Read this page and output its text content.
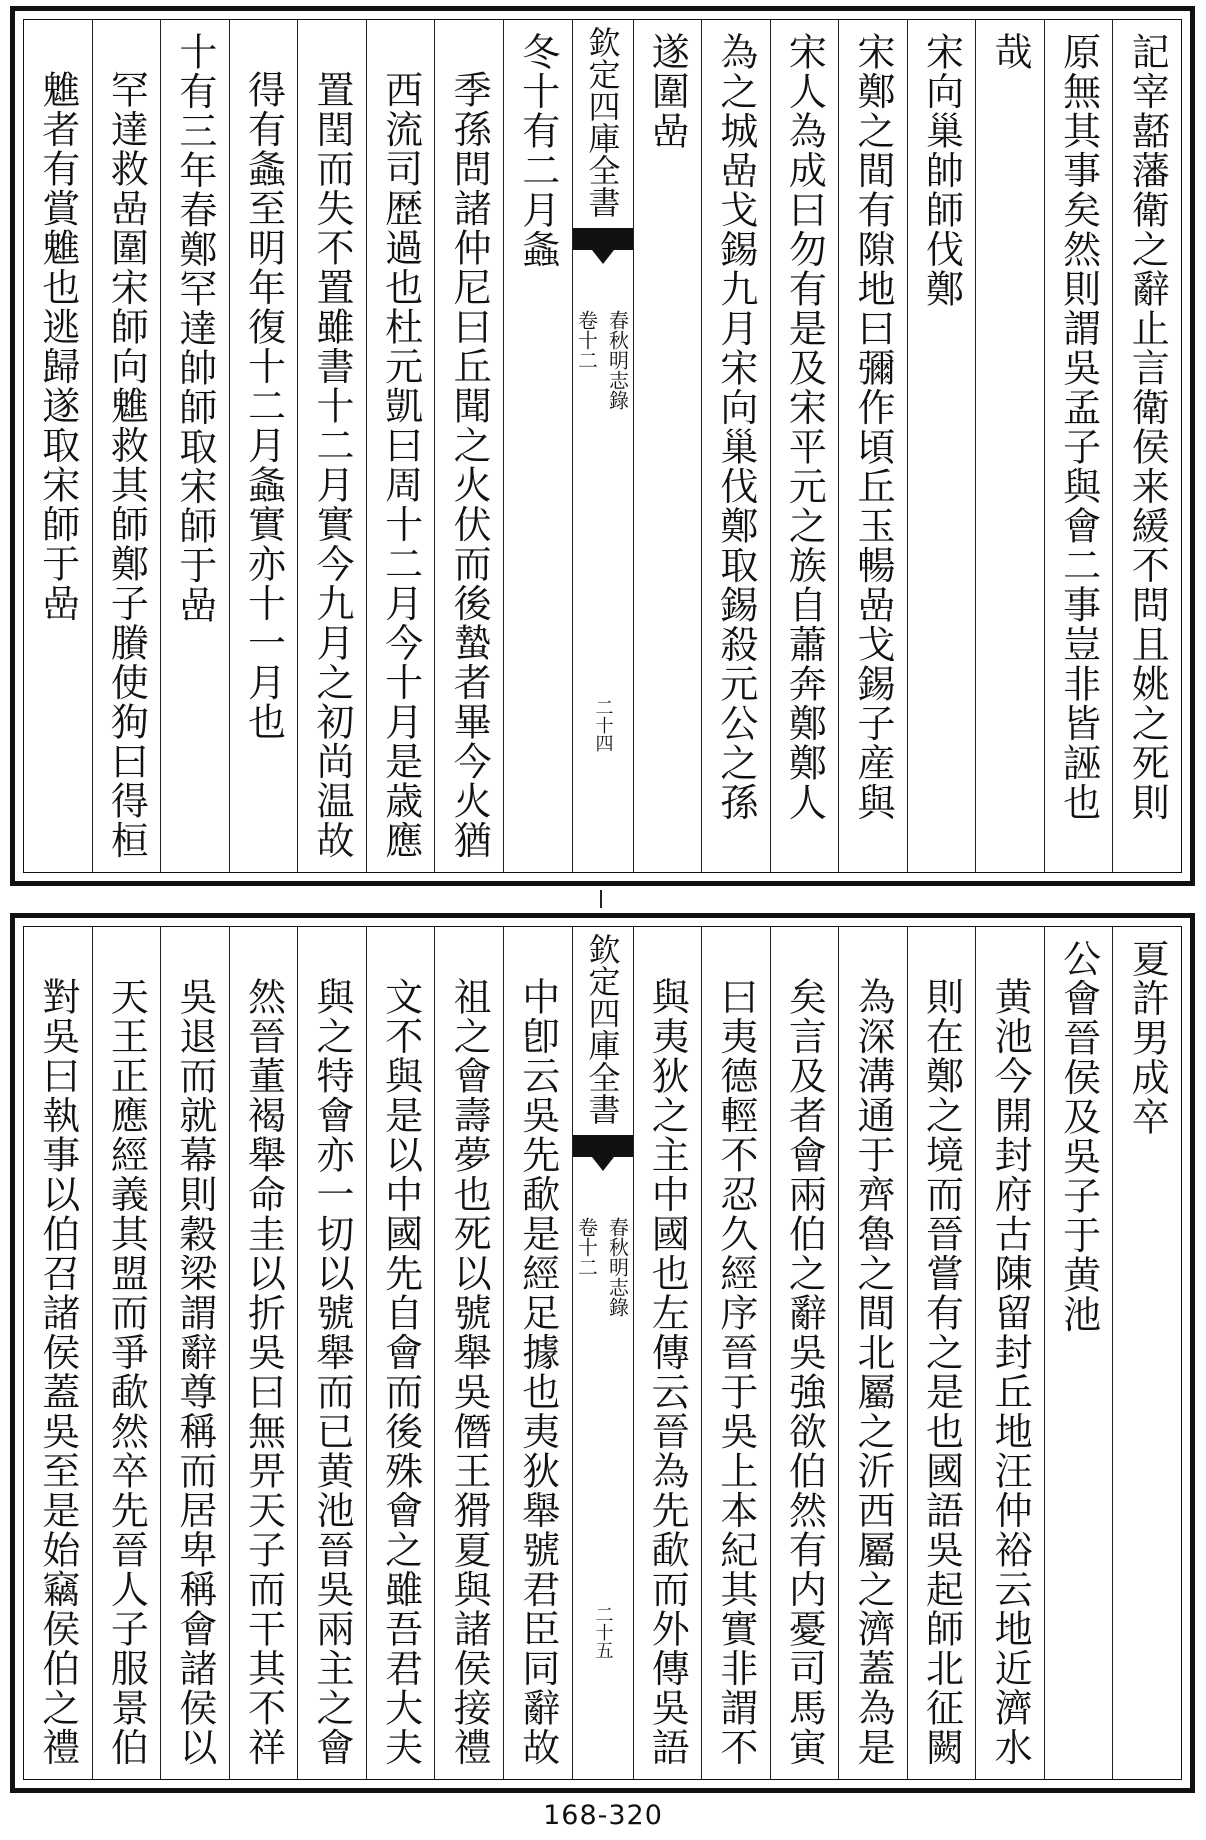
記宰嚭藩衛之辭止言衛侯来緩不問且姚之死則
原無其事矣然則謂吳孟子與會二事豈非皆誣也
哉
宋向巢帥師伐鄭
宋鄭之間有隙地曰彌作頃丘玉暢嵒戈錫子産與
宋人為成曰勿有是及宋平元之族自蕭奔鄭鄭人
為之城嵒戈錫九月宋向巢伐鄭取錫殺元公之孫
遂圍嵒
欽定四庫全書
春秋明志錄
卷十二
二十四
冬十有二月螽
季孫問諸仲尼曰丘聞之火伏而後蟄者畢今火猶
西流司歴過也杜元凱曰周十二月今十月是歳應
置閏而失不置雖書十二月實今九月之初尚温故
得有螽至明年復十二月螽實亦十一月也
十有三年春鄭罕達帥師取宋師于嵒
罕達救嵒圍宋師向魋救其師鄭子賸使狗曰得桓
魋者有賞魋也逃歸遂取宋師于嵒
夏許男成卒
公會晉侯及吳子于黄池
黄池今開封府古陳留封丘地汪仲裕云地近濟水
則在鄭之境而晉嘗有之是也國語吳起師北征闕
為深溝通于齊魯之間北屬之沂西屬之濟蓋為是
矣言及者會兩伯之辭吳強欲伯然有内憂司馬寅
曰夷德輕不忍久經序晉于吳上本紀其實非謂不
與夷狄之主中國也左傳云晉為先歃而外傳吳語
欽定四庫全書
春秋明志錄
卷十二
二十五
中卽云吳先歃是經足據也夷狄舉號君臣同辭故
祖之會壽夢也死以號舉吳僭王猾夏與諸侯接禮
文不與是以中國先自會而後殊會之雖吾君大夫
與之特會亦一切以號舉而已黄池晉吳兩主之會
然晉董褐舉命圭以折吳曰無畀天子而干其不祥
吳退而就幕則穀梁謂辭尊稱而居卑稱會諸侯以
天王正應經義其盟而爭歃然卒先晉人子服景伯
對吳曰執事以伯召諸侯蓋吳至是始竊侯伯之禮
168-320
